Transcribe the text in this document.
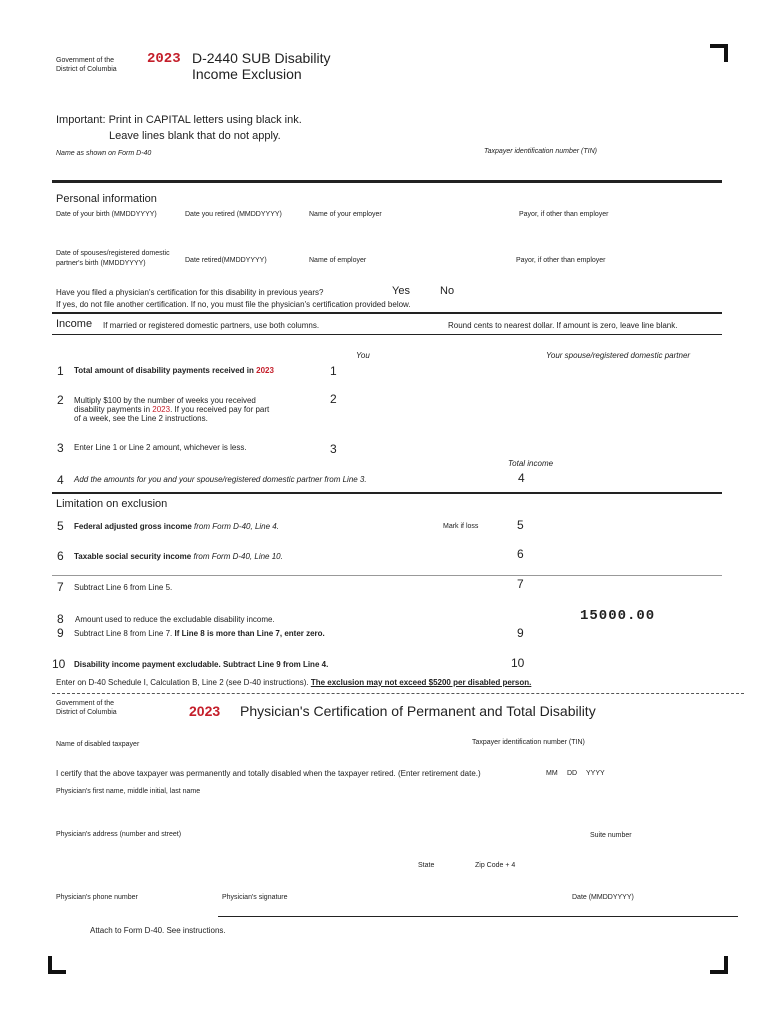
Government of the
District of Columbia
2023 D-2440 SUB Disability
Income Exclusion
Important: Print in CAPITAL letters using black ink.
Leave lines blank that do not apply.
Name as shown on Form D-40	Taxpayer identification number (TIN)
Personal information
Date of your birth (MMDDYYYY)	Date you retired (MMDDYYYY)	Name of your employer	Payor, if other than employer
Date of spouses/registered domestic
partner's birth (MMDDYYYY)	Date retired(MMDDYYYY)	Name of employer	Payor, if other than employer
Have you filed a physician's certification for this disability in previous years?	Yes	No
If yes, do not file another certification. If no, you must file the physician's certification provided below.
Income If married or registered domestic partners, use both columns.	Round cents to nearest dollar. If amount is zero, leave line blank.
You	Your spouse/registered domestic partner
1 Total amount of disability payments received in 2023	1
2 Multiply $100 by the number of weeks you received
disability payments in 2023. If you received pay for part
of a week, see the Line 2 instructions.
2
3 Enter Line 1 or Line 2 amount, whichever is less.	3
Total income
4 Add the amounts for you and your spouse/registered domestic partner from Line 3.	4
Limitation on exclusion
5 Federal adjusted gross income from Form D-40, Line 4.	Mark if loss	5
6 Taxable social security income from Form D-40, Line 10.	6
7 Subtract Line 6 from Line 5.	7
8 Amount used to reduce the excludable disability income.	15000.00
9 Subtract Line 8 from Line 7. If Line 8 is more than Line 7, enter zero.	9
10 Disability income payment excludable. Subtract Line 9 from Line 4.	10
Enter on D-40 Schedule I, Calculation B, Line 2 (see D-40 instructions). The exclusion may not exceed $5200 per disabled person.
Government of the
District of Columbia	2023 Physician's Certification of Permanent and Total Disability
Name of disabled taxpayer	Taxpayer identification number (TIN)
I certify that the above taxpayer was permanently and totally disabled when the taxpayer retired. (Enter retirement date.)	MM DD YYYY
Physician's first name, middle initial, last name
Physician's address (number and street)	Suite number
State	Zip Code + 4
Physician's phone number	Physician's signature	Date (MMDDYYYY)
Attach to Form D-40. See instructions.
